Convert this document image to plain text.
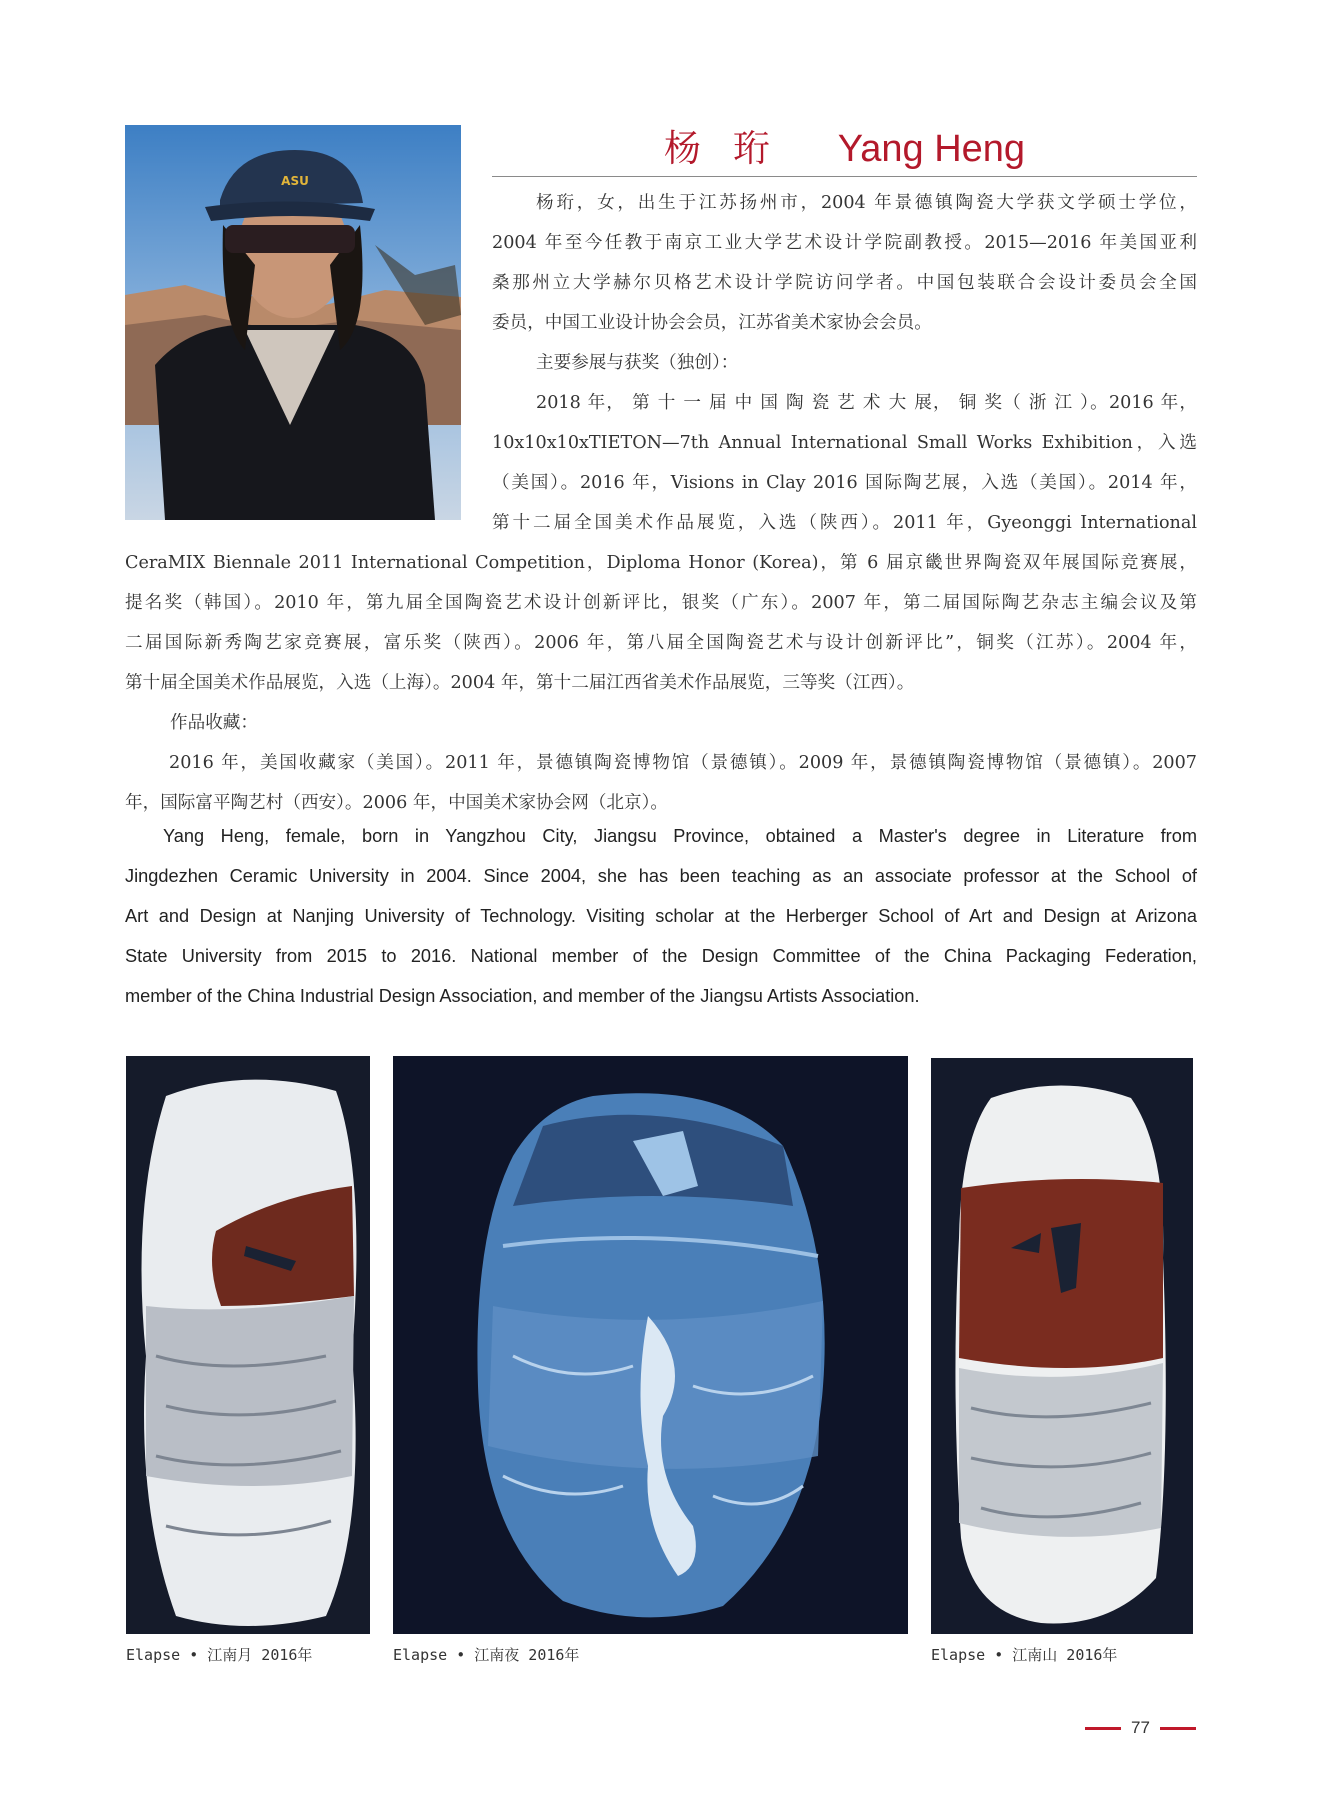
ASU
杨 珩 Yang Heng

杨珩，女，出生于江苏扬州市，2004 年景德镇陶瓷大学获文学硕士学位，

2004 年至今任教于南京工业大学艺术设计学院副教授。2015—2016 年美国亚利

桑那州立大学赫尔贝格艺术设计学院访问学者。中国包装联合会设计委员会全国

委员，中国工业设计协会会员，江苏省美术家协会会员。

主要参展与获奖（独创）：

2018 年， 第 十 一 届 中 国 陶 瓷 艺 术 大 展， 铜 奖（ 浙 江 ）。2016 年，

10x10x10xTIETON—7th Annual International Small Works Exhibition，入选

（美国）。2016 年，Visions in Clay 2016 国际陶艺展，入选（美国）。2014 年，

第十二届全国美术作品展览，入选（陕西）。2011 年，Gyeonggi International

CeraMIX Biennale 2011 International Competition，Diploma Honor (Korea)，第 6 届京畿世界陶瓷双年展国际竞赛展，
提名奖（韩国）。2010 年，第九届全国陶瓷艺术设计创新评比，银奖（广东）。2007 年，第二届国际陶艺杂志主编会议及第
二届国际新秀陶艺家竞赛展，富乐奖（陕西）。2006 年，第八届全国陶瓷艺术与设计创新评比”，铜奖（江苏）。2004 年，
第十届全国美术作品展览，入选（上海）。2004 年，第十二届江西省美术作品展览，三等奖（江西）。
作品收藏：
2016 年，美国收藏家（美国）。2011 年，景德镇陶瓷博物馆（景德镇）。2009 年，景德镇陶瓷博物馆（景德镇）。2007
年，国际富平陶艺村（西安）。2006 年，中国美术家协会网（北京）。
Yang Heng, female, born in Yangzhou City, Jiangsu Province, obtained a Master's degree in Literature from
Jingdezhen Ceramic University in 2004. Since 2004, she has been teaching as an associate professor at the School of
Art and Design at Nanjing University of Technology. Visiting scholar at the Herberger School of Art and Design at Arizona
State University from 2015 to 2016. National member of the Design Committee of the China Packaging Federation,
member of the China Industrial Design Association, and member of the Jiangsu Artists Association.
Elapse • 江南月 2016年	Elapse • 江南夜 2016年	Elapse • 江南山 2016年
77
